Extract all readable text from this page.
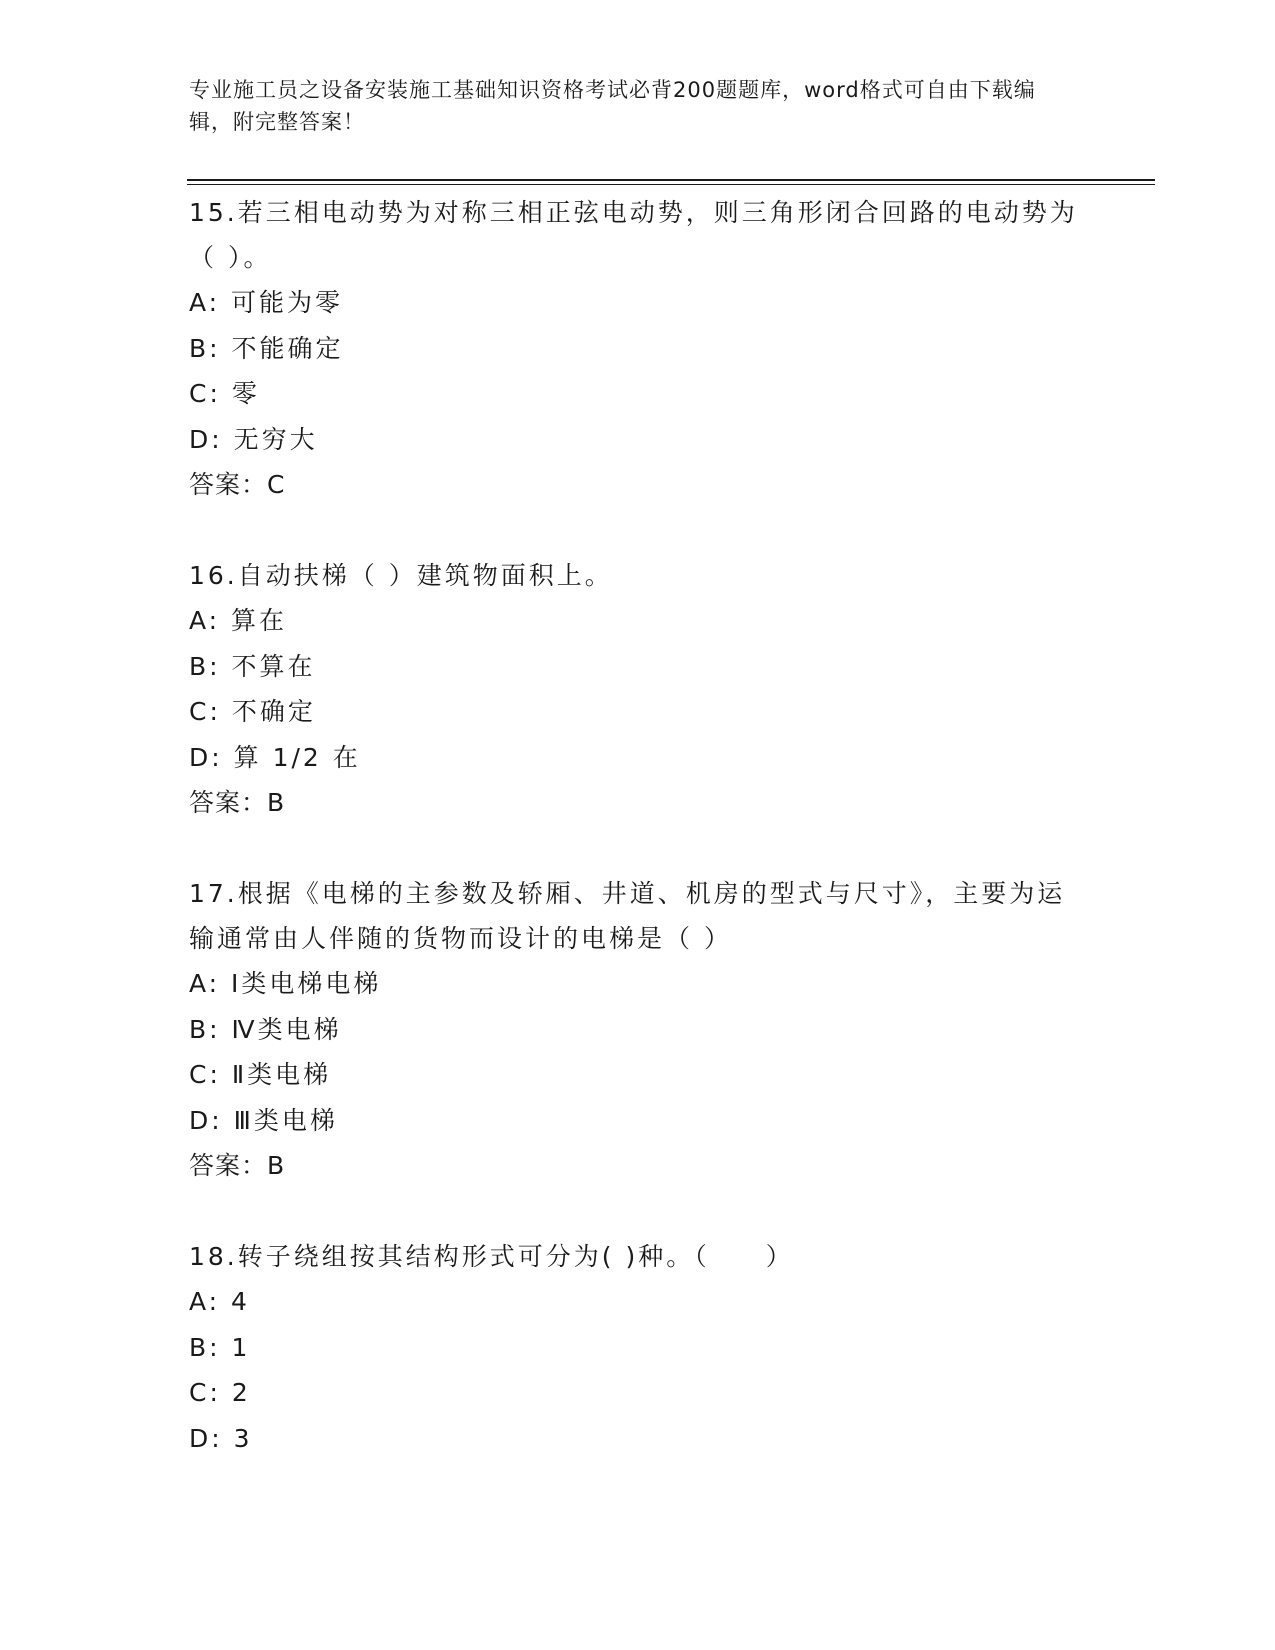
专业施工员之设备安装施工基础知识资格考试必背200题题库，word格式可自由下载编辑，附完整答案！

15.若三相电动势为对称三相正弦电动势，则三角形闭合回路的电动势为（ ）。

A: 可能为零

B: 不能确定

C: 零

D: 无穷大

答案：C

16.自动扶梯（ ）建筑物面积上。

A: 算在

B: 不算在

C: 不确定

D: 算 1/2 在

答案：B

17.根据《电梯的主参数及轿厢、井道、机房的型式与尺寸》，主要为运输通常由人伴随的货物而设计的电梯是（ ）

A: Ⅰ类电梯电梯

B: Ⅳ类电梯

C: Ⅱ类电梯

D: Ⅲ类电梯

答案：B

18.转子绕组按其结构形式可分为( )种。（　　）

A: 4

B: 1

C: 2

D: 3
